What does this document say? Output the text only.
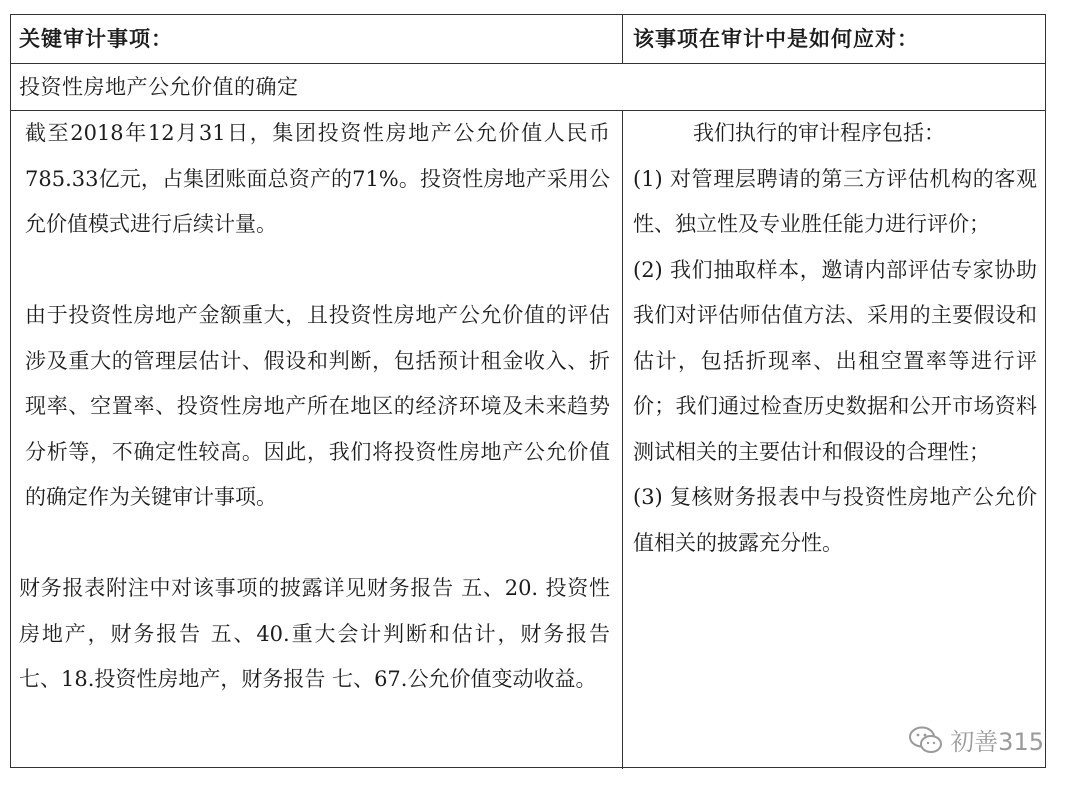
关键审计事项：	该事项在审计中是如何应对：
投资性房地产公允价值的确定

截至2018年12月31日，集团投资性房地产公允价值人民币785.33亿元，占集团账面总资产的71%。投资性房地产采用公允价值模式进行后续计量。

由于投资性房地产金额重大，且投资性房地产公允价值的评估涉及重大的管理层估计、假设和判断，包括预计租金收入、折现率、空置率、投资性房地产所在地区的经济环境及未来趋势分析等，不确定性较高。因此，我们将投资性房地产公允价值的确定作为关键审计事项。

财务报表附注中对该事项的披露详见财务报告 五、20. 投资性房地产，财务报告 五、40.重大会计判断和估计，财务报告 七、18.投资性房地产，财务报告 七、67.公允价值变动收益。

我们执行的审计程序包括：

(1) 对管理层聘请的第三方评估机构的客观性、独立性及专业胜任能力进行评价；

(2) 我们抽取样本，邀请内部评估专家协助我们对评估师估值方法、采用的主要假设和估计，包括折现率、出租空置率等进行评价；我们通过检查历史数据和公开市场资料测试相关的主要估计和假设的合理性；

(3) 复核财务报表中与投资性房地产公允价值相关的披露充分性。

初善315
